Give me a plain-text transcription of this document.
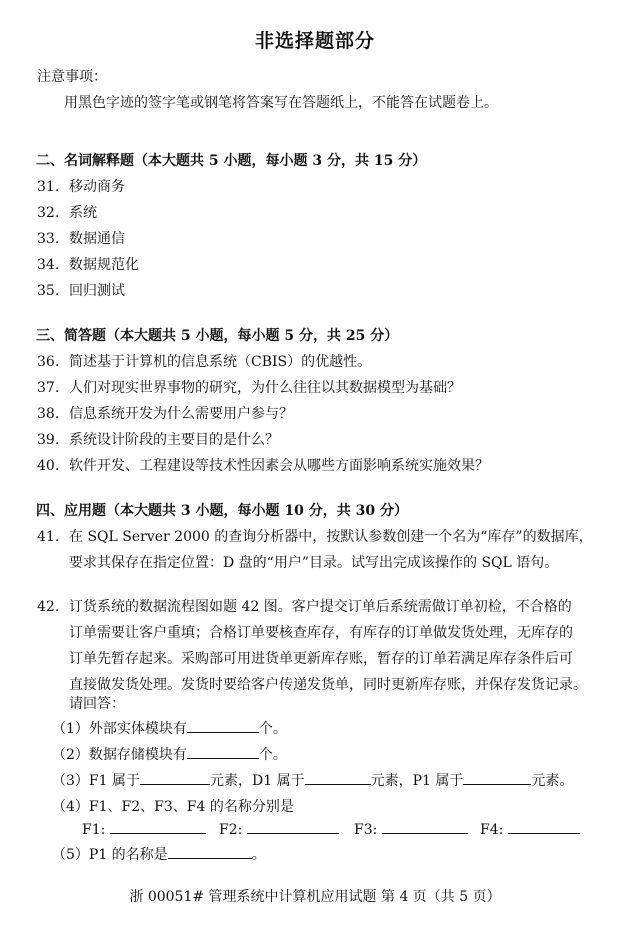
非选择题部分
注意事项：
用黑色字迹的签字笔或钢笔将答案写在答题纸上，不能答在试题卷上。
二、名词解释题（本大题共 5 小题，每小题 3 分，共 15 分）
31. 移动商务
32. 系统
33. 数据通信
34. 数据规范化
35. 回归测试
三、简答题（本大题共 5 小题，每小题 5 分，共 25 分）
36. 简述基于计算机的信息系统（CBIS）的优越性。
37. 人们对现实世界事物的研究，为什么往往以其数据模型为基础？
38. 信息系统开发为什么需要用户参与？
39. 系统设计阶段的主要目的是什么？
40. 软件开发、工程建设等技术性因素会从哪些方面影响系统实施效果？
四、应用题（本大题共 3 小题，每小题 10 分，共 30 分）
41. 在 SQL Server 2000 的查询分析器中，按默认参数创建一个名为“库存”的数据库，
要求其保存在指定位置：D 盘的“用户”目录。试写出完成该操作的 SQL 语句。
42. 订货系统的数据流程图如题 42 图。客户提交订单后系统需做订单初检，不合格的
订单需要让客户重填；合格订单要核查库存，有库存的订单做发货处理，无库存的
订单先暂存起来。采购部可用进货单更新库存账，暂存的订单若满足库存条件后可
直接做发货处理。发货时要给客户传递发货单，同时更新库存账，并保存发货记录。
请回答：
（1）外部实体模块有	个。
（2）数据存储模块有	个。
（3）F1 属于	元素，D1 属于	元素，P1 属于	元素。
（4）F1、F2、F3、F4 的名称分别是
F1:	F2:	F3:	F4:
（5）P1 的名称是	。
浙 00051# 管理系统中计算机应用试题 第 4 页（共 5 页）
